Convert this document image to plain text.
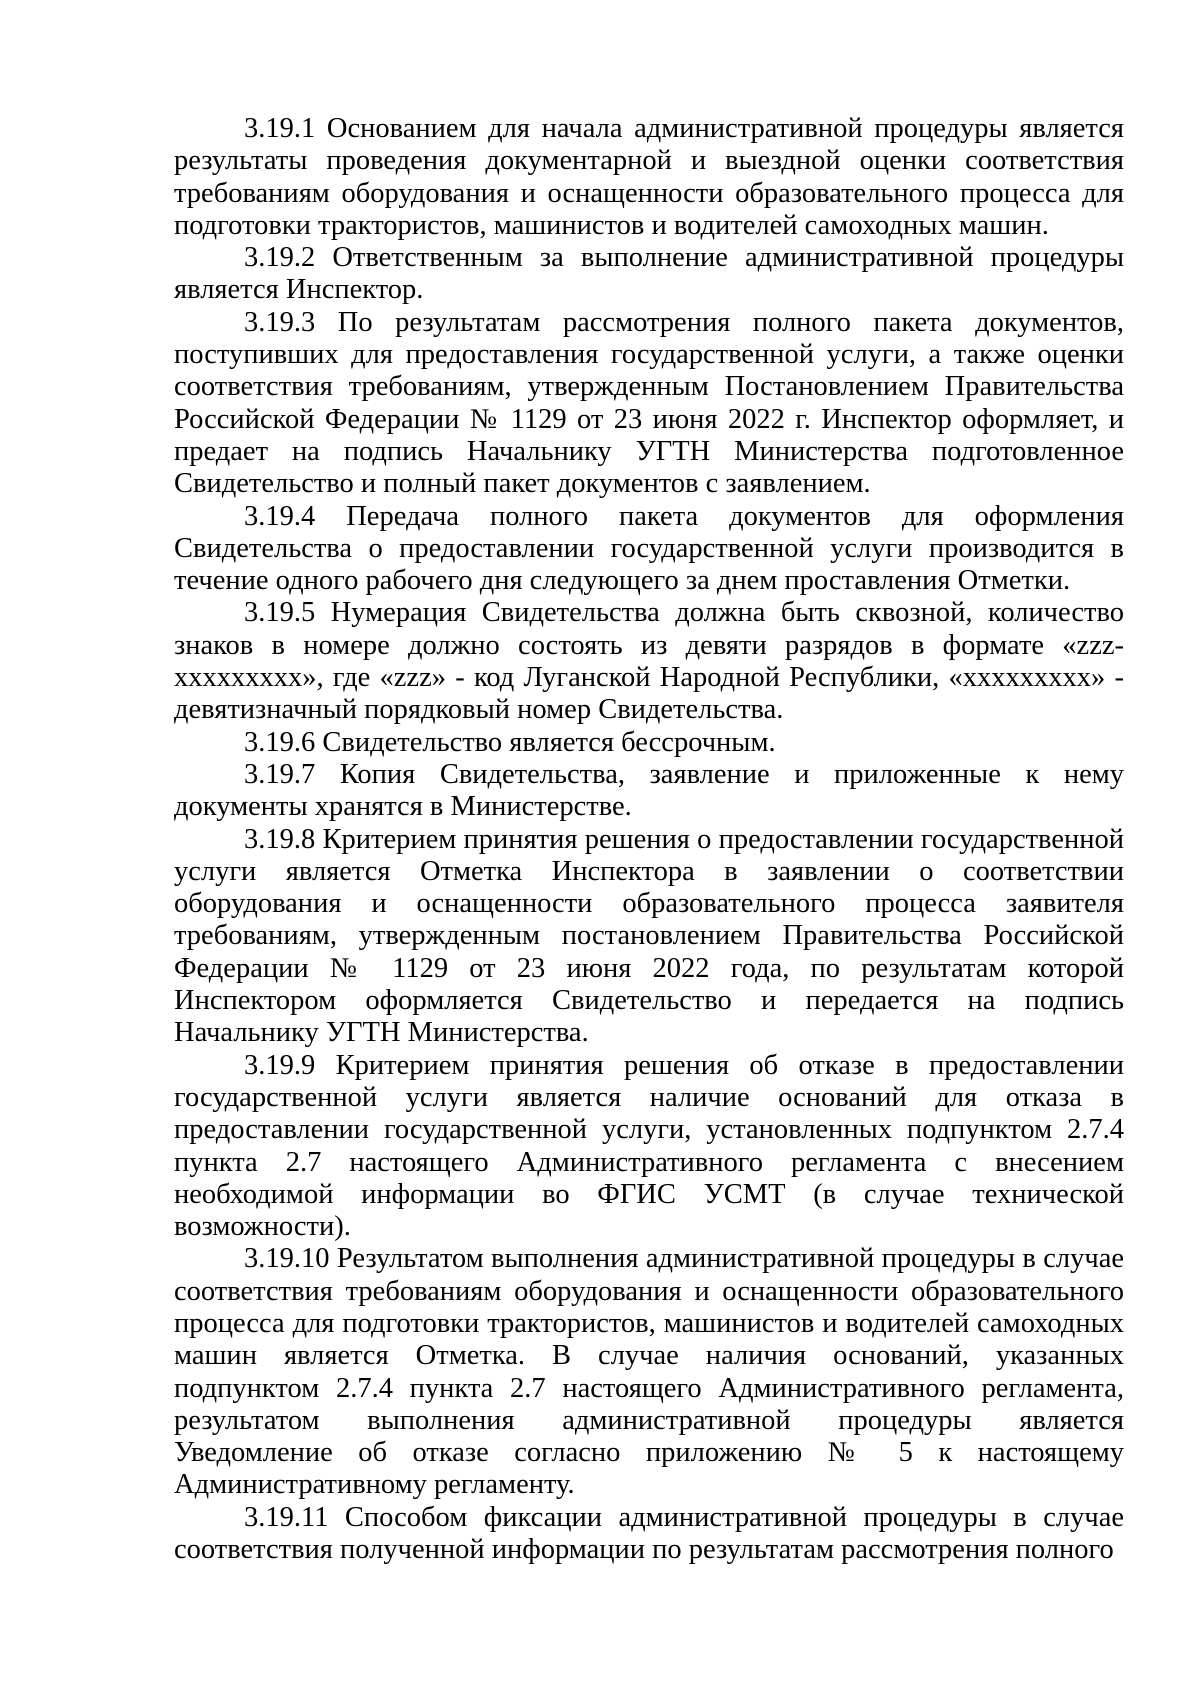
3.19.1 Основанием для начала административной процедуры является результаты проведения документарной и выездной оценки соответствия требованиям оборудования и оснащенности образовательного процесса для подготовки трактористов, машинистов и водителей самоходных машин.

3.19.2 Ответственным за выполнение административной процедуры является Инспектор.

3.19.3 По результатам рассмотрения полного пакета документов, поступивших для предоставления государственной услуги, а также оценки соответствия требованиям, утвержденным Постановлением Правительства Российской Федерации № 1129 от 23 июня 2022 г. Инспектор оформляет, и предает на подпись Начальнику УГТН Министерства подготовленное Свидетельство и полный пакет документов с заявлением.

3.19.4 Передача полного пакета документов для оформления Свидетельства о предоставлении государственной услуги производится в течение одного рабочего дня следующего за днем проставления Отметки.

3.19.5 Нумерация Свидетельства должна быть сквозной, количество знаков в номере должно состоять из девяти разрядов в формате «zzz-xxxxxxxxx», где «zzz» - код Луганской Народной Республики, «xxxxxxxxx» - девятизначный порядковый номер Свидетельства.

3.19.6 Свидетельство является бессрочным.

3.19.7 Копия Свидетельства, заявление и приложенные к нему документы хранятся в Министерстве.

3.19.8 Критерием принятия решения о предоставлении государственной услуги является Отметка Инспектора в заявлении о соответствии оборудования и оснащенности образовательного процесса заявителя требованиям, утвержденным постановлением Правительства Российской Федерации № 1129 от 23 июня 2022 года, по результатам которой Инспектором оформляется Свидетельство и передается на подпись Начальнику УГТН Министерства.

3.19.9 Критерием принятия решения об отказе в предоставлении государственной услуги является наличие оснований для отказа в предоставлении государственной услуги, установленных подпунктом 2.7.4 пункта 2.7 настоящего Административного регламента с внесением необходимой информации во ФГИС УСМТ (в случае технической возможности).

3.19.10 Результатом выполнения административной процедуры в случае соответствия требованиям оборудования и оснащенности образовательного процесса для подготовки трактористов, машинистов и водителей самоходных машин является Отметка. В случае наличия оснований, указанных подпунктом 2.7.4 пункта 2.7 настоящего Административного регламента, результатом выполнения административной процедуры является Уведомление об отказе согласно приложению № 5 к настоящему Административному регламенту.

3.19.11 Способом фиксации административной процедуры в случае соответствия полученной информации по результатам рассмотрения полного
